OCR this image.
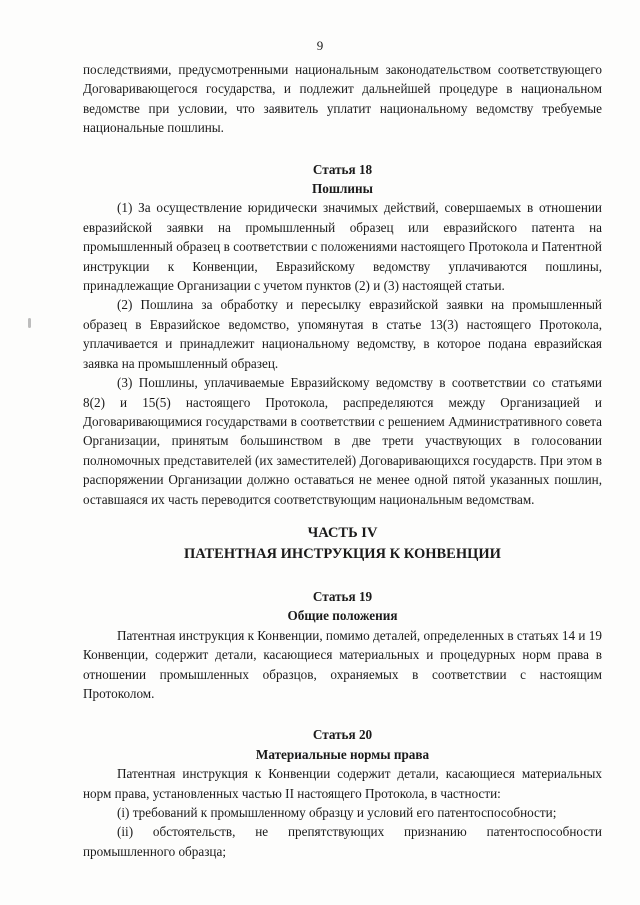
9

последствиями, предусмотренными национальным законодательством соответствующего Договаривающегося государства, и подлежит дальнейшей процедуре в национальном ведомстве при условии, что заявитель уплатит национальному ведомству требуемые национальные пошлины.

Статья 18
Пошлины

(1) За осуществление юридически значимых действий, совершаемых в отношении евразийской заявки на промышленный образец или евразийского патента на промышленный образец в соответствии с положениями настоящего Протокола и Патентной инструкции к Конвенции, Евразийскому ведомству уплачиваются пошлины, принадлежащие Организации с учетом пунктов (2) и (3) настоящей статьи.

(2) Пошлина за обработку и пересылку евразийской заявки на промышленный образец в Евразийское ведомство, упомянутая в статье 13(3) настоящего Протокола, уплачивается и принадлежит национальному ведомству, в которое подана евразийская заявка на промышленный образец.

(3) Пошлины, уплачиваемые Евразийскому ведомству в соответствии со статьями 8(2) и 15(5) настоящего Протокола, распределяются между Организацией и Договаривающимися государствами в соответствии с решением Административного совета Организации, принятым большинством в две трети участвующих в голосовании полномочных представителей (их заместителей) Договаривающихся государств. При этом в распоряжении Организации должно оставаться не менее одной пятой указанных пошлин, оставшаяся их часть переводится соответствующим национальным ведомствам.

ЧАСТЬ IV
ПАТЕНТНАЯ ИНСТРУКЦИЯ К КОНВЕНЦИИ
Статья 19
Общие положения

Патентная инструкция к Конвенции, помимо деталей, определенных в статьях 14 и 19 Конвенции, содержит детали, касающиеся материальных и процедурных норм права в отношении промышленных образцов, охраняемых в соответствии с настоящим Протоколом.

Статья 20
Материальные нормы права

Патентная инструкция к Конвенции содержит детали, касающиеся материальных норм права, установленных частью II настоящего Протокола, в частности:

(i) требований к промышленному образцу и условий его патентоспособности;

(ii) обстоятельств, не препятствующих признанию патентоспособности промышленного образца;
